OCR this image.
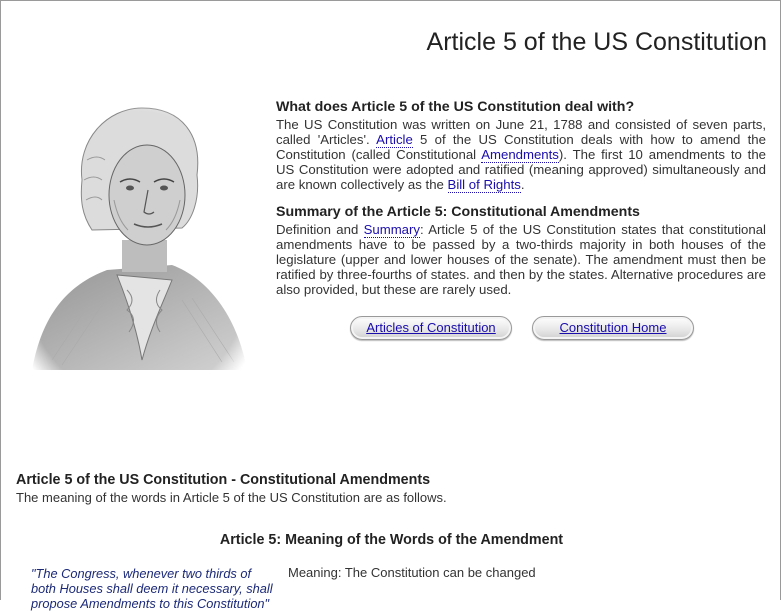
Article 5 of the US Constitution
What does Article 5 of the US Constitution deal with?

The US Constitution was written on June 21, 1788 and consisted of seven parts, called 'Articles'. Article 5 of the US Constitution deals with how to amend the Constitution (called Constitutional Amendments). The first 10 amendments to the US Constitution were adopted and ratified (meaning approved) simultaneously and are known collectively as the Bill of Rights.

Summary of the Article 5: Constitutional Amendments

Definition and Summary: Article 5 of the US Constitution states that constitutional amendments have to be passed by a two-thirds majority in both houses of the legislature (upper and lower houses of the senate). The amendment must then be ratified by three-fourths of states. and then by the states. Alternative procedures are also provided, but these are rarely used.

Articles of Constitution	Constitution Home
Article 5 of the US Constitution - Constitutional Amendments
The meaning of the words in Article 5 of the US Constitution are as follows.
Article 5: Meaning of the Words of the Amendment
"The Congress, whenever two thirds of both Houses shall deem it necessary, shall propose Amendments to this Constitution"
Meaning: The Constitution can be changed
